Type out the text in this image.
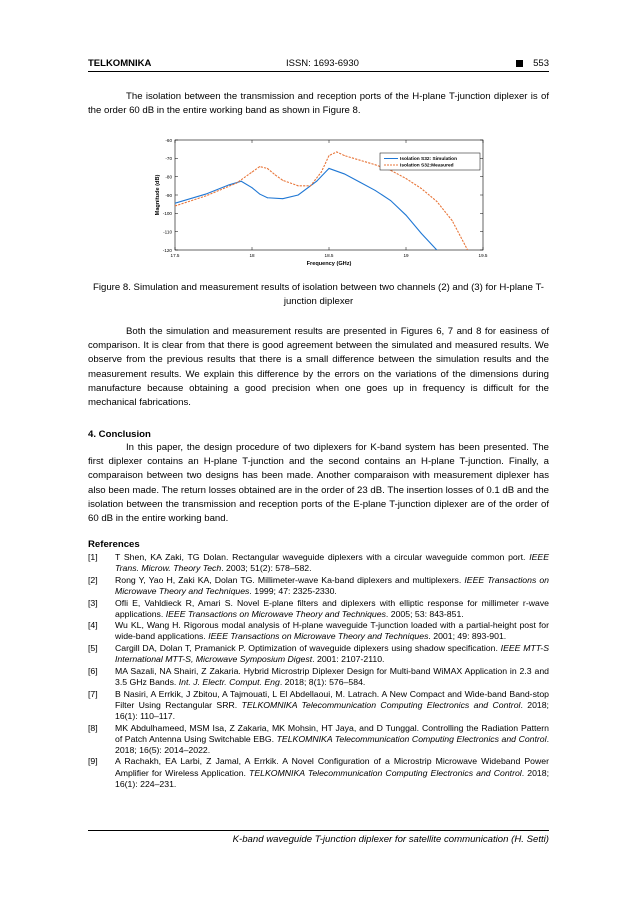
TELKOMNIKA	ISSN: 1693-6930	553

The isolation between the transmission and reception ports of the H-plane T-junction diplexer is of the order 60 dB in the entire working band as shown in Figure 8.

-60
-70
-80
-90
-100
-110
-120
17.5	18	18.5	19	19.5
Frequency (GHz)
Magnitude (dB)
Isolation S32: Simulation
Isolation S32:Measured
Figure 8. Simulation and measurement results of isolation between two channels (2) and (3) for H-plane T-junction diplexer

Both the simulation and measurement results are presented in Figures 6, 7 and 8 for easiness of comparison. It is clear from that there is good agreement between the simulated and measured results. We observe from the previous results that there is a small difference between the simulation results and the measurement results. We explain this difference by the errors on the variations of the dimensions during manufacture because obtaining a good precision when one goes up in frequency is difficult for the mechanical fabrications.

4. Conclusion

In this paper, the design procedure of two diplexers for K-band system has been presented. The first diplexer contains an H-plane T-junction and the second contains an H-plane T-junction. Finally, a comparaison between two designs has been made. Another comparaison with measurement diplexer has also been made. The return losses obtained are in the order of 23 dB. The insertion losses of 0.1 dB and the isolation between the transmission and reception ports of the E-plane T-junction diplexer are of the order of 60 dB in the entire working band.

References
[1]	T Shen, KA Zaki, TG Dolan. Rectangular waveguide diplexers with a circular waveguide common port. IEEE Trans. Microw. Theory Tech. 2003; 51(2): 578–582.
[2]	Rong Y, Yao H, Zaki KA, Dolan TG. Millimeter-wave Ka-band diplexers and multiplexers. IEEE Transactions on Microwave Theory and Techniques. 1999; 47: 2325-2330.
[3]	Ofli E, Vahldieck R, Amari S. Novel E-plane filters and diplexers with elliptic response for millimeter r-wave applications. IEEE Transactions on Microwave Theory and Techniques. 2005; 53: 843-851.
[4]	Wu KL, Wang H. Rigorous modal analysis of H-plane waveguide T-junction loaded with a partial-height post for wide-band applications. IEEE Transactions on Microwave Theory and Techniques. 2001; 49: 893-901.
[5]	Cargill DA, Dolan T, Pramanick P. Optimization of waveguide diplexers using shadow specification. IEEE MTT-S International MTT-S, Microwave Symposium Digest. 2001: 2107-2110.
[6]	MA Sazali, NA Shairi, Z Zakaria. Hybrid Microstrip Diplexer Design for Multi-band WiMAX Application in 2.3 and 3.5 GHz Bands. Int. J. Electr. Comput. Eng. 2018; 8(1): 576–584.
[7]	B Nasiri, A Errkik, J Zbitou, A Tajmouati, L El Abdellaoui, M. Latrach. A New Compact and Wide-band Band-stop Filter Using Rectangular SRR. TELKOMNIKA Telecommunication Computing Electronics and Control. 2018; 16(1): 110–117.
[8]	MK Abdulhameed, MSM Isa, Z Zakaria, MK Mohsin, HT Jaya, and D Tunggal. Controlling the Radiation Pattern of Patch Antenna Using Switchable EBG. TELKOMNIKA Telecommunication Computing Electronics and Control. 2018; 16(5): 2014–2022.
[9]	A Rachakh, EA Larbi, Z Jamal, A Errkik. A Novel Configuration of a Microstrip Microwave Wideband Power Amplifier for Wireless Application. TELKOMNIKA Telecommunication Computing Electronics and Control. 2018; 16(1): 224–231.
K-band waveguide T-junction diplexer for satellite communication (H. Setti)
